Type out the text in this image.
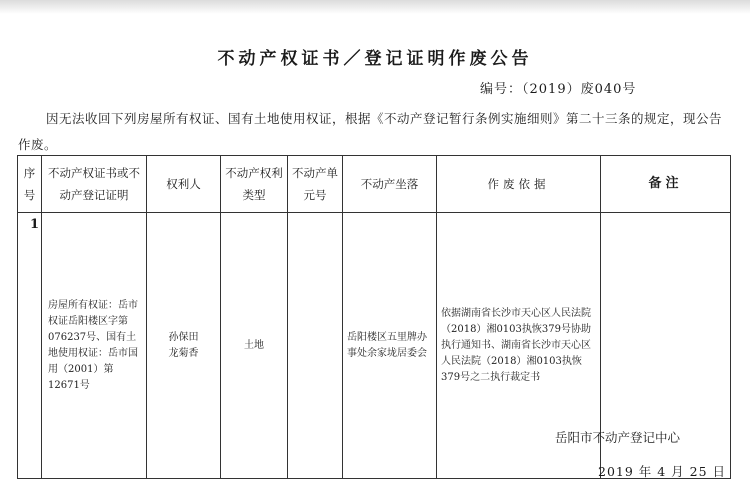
不动产权证书／登记证明作废公告
编号：（2019）废040号
因无法收回下列房屋所有权证、国有土地使用权证，根据《不动产登记暂行条例实施细则》第二十三条的规定，现公告作废。
序号	不动产权证书或不动产登记证明	权利人	不动产权利类型	不动产单元号	不动产坐落	作废依据	备注
1	房屋所有权证：岳市权证岳阳楼区字第076237号、国有土地使用权证：岳市国用（2001）第12671号	孙保田 龙菊香	土地		岳阳楼区五里牌办事处余家垅居委会	依据湖南省长沙市天心区人民法院（2018）湘0103执恢379号协助执行通知书、湖南省长沙市天心区人民法院（2018）湘0103执恢379号之二执行裁定书	
岳阳市不动产登记中心
2019 年 4 月 25 日
